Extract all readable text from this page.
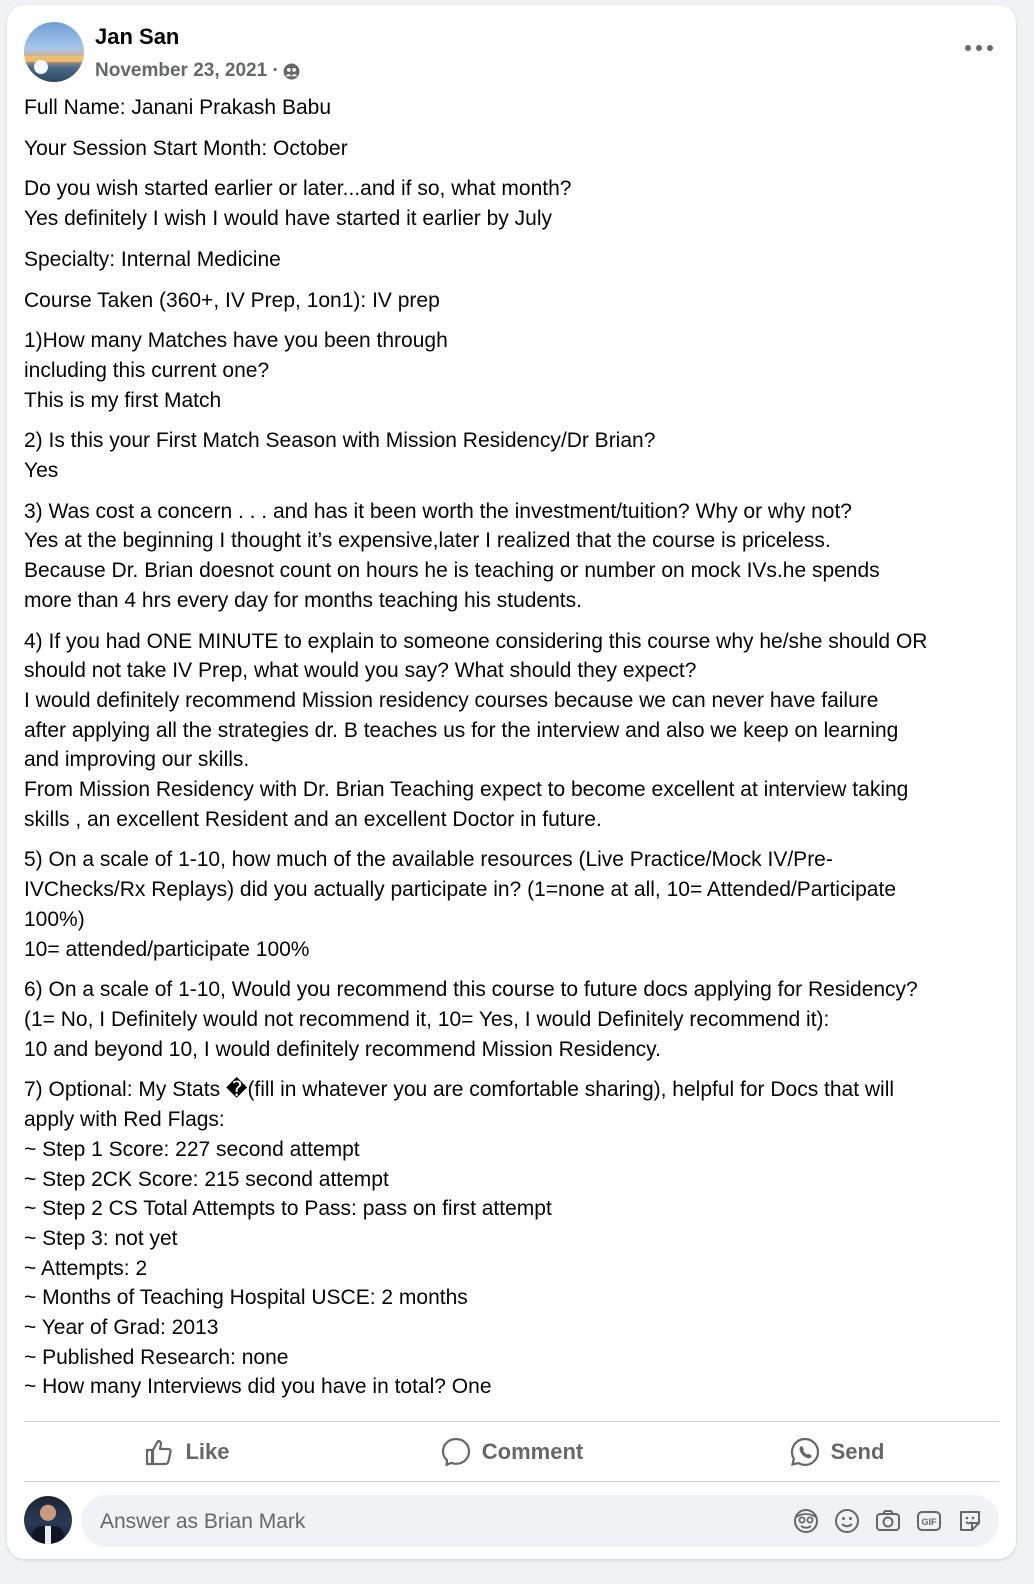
Jan San
November 23, 2021 ·

Full Name: Janani Prakash Babu

Your Session Start Month: October

Do you wish started earlier or later...and if so, what month?
Yes definitely I wish I would have started it earlier by July

Specialty: Internal Medicine

Course Taken (360+, IV Prep, 1on1): IV prep

1)How many Matches have you been through
including this current one?
This is my first Match

2) Is this your First Match Season with Mission Residency/Dr Brian?
Yes

3) Was cost a concern . . . and has it been worth the investment/tuition? Why or why not?
Yes at the beginning I thought it’s expensive,later I realized that the course is priceless.
Because Dr. Brian doesnot count on hours he is teaching or number on mock IVs.he spends
more than 4 hrs every day for months teaching his students.

4) If you had ONE MINUTE to explain to someone considering this course why he/she should OR
should not take IV Prep, what would you say? What should they expect?
I would definitely recommend Mission residency courses because we can never have failure
after applying all the strategies dr. B teaches us for the interview and also we keep on learning
and improving our skills.
From Mission Residency with Dr. Brian Teaching expect to become excellent at interview taking
skills , an excellent Resident and an excellent Doctor in future.

5) On a scale of 1-10, how much of the available resources (Live Practice/Mock IV/Pre-
IVChecks/Rx Replays) did you actually participate in? (1=none at all, 10= Attended/Participate
100%)
10= attended/participate 100%

6) On a scale of 1-10, Would you recommend this course to future docs applying for Residency?
(1= No, I Definitely would not recommend it, 10= Yes, I would Definitely recommend it):
10 and beyond 10, I would definitely recommend Mission Residency.

7) Optional: My Stats �(fill in whatever you are comfortable sharing), helpful for Docs that will
apply with Red Flags:
~ Step 1 Score: 227 second attempt
~ Step 2CK Score: 215 second attempt
~ Step 2 CS Total Attempts to Pass: pass on first attempt
~ Step 3: not yet
~ Attempts: 2
~ Months of Teaching Hospital USCE: 2 months
~ Year of Grad: 2013
~ Published Research: none
~ How many Interviews did you have in total? One

Like	Comment	Send
Answer as Brian Mark
GIF
